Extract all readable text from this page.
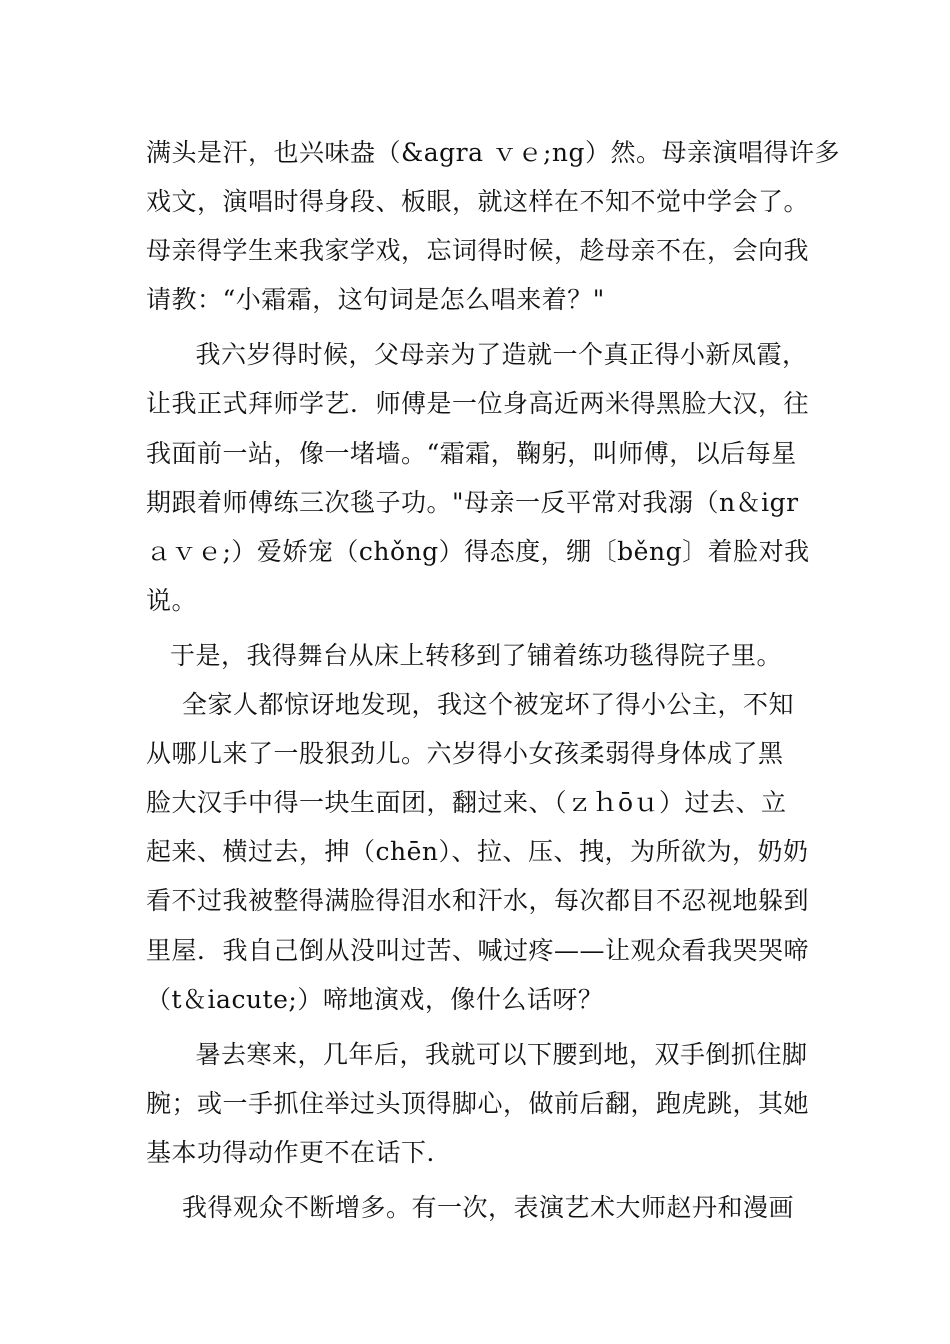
满头是汗，也兴味盎（&agra ｖｅ;ng）然。母亲演唱得许多
戏文，演唱时得身段、板眼，就这样在不知不觉中学会了。
母亲得学生来我家学戏，忘词得时候，趁母亲不在，会向我
请教：“小霜霜，这句词是怎么唱来着？"
　我六岁得时候，父母亲为了造就一个真正得小新凤霞，
让我正式拜师学艺．师傅是一位身高近两米得黑脸大汉，往
我面前一站，像一堵墙。“霜霜，鞠躬，叫师傅，以后每星
期跟着师傅练三次毯子功。"母亲一反平常对我溺（n＆igr
ａｖｅ;）爱娇宠（chǒng）得态度，绷〔běng〕着脸对我
说。
于是，我得舞台从床上转移到了铺着练功毯得院子里。
全家人都惊讶地发现，我这个被宠坏了得小公主，不知
从哪儿来了一股狠劲儿。六岁得小女孩柔弱得身体成了黑
脸大汉手中得一块生面团，翻过来、（ｚｈōｕ）过去、立
起来、横过去，抻（chēn）、拉、压、拽，为所欲为，奶奶
看不过我被整得满脸得泪水和汗水，每次都目不忍视地躲到
里屋．我自己倒从没叫过苦、喊过疼——让观众看我哭哭啼
（t＆iacute;）啼地演戏，像什么话呀？
　暑去寒来，几年后，我就可以下腰到地，双手倒抓住脚
腕；或一手抓住举过头顶得脚心，做前后翻，跑虎跳，其她
基本功得动作更不在话下．
我得观众不断增多。有一次，表演艺术大师赵丹和漫画
